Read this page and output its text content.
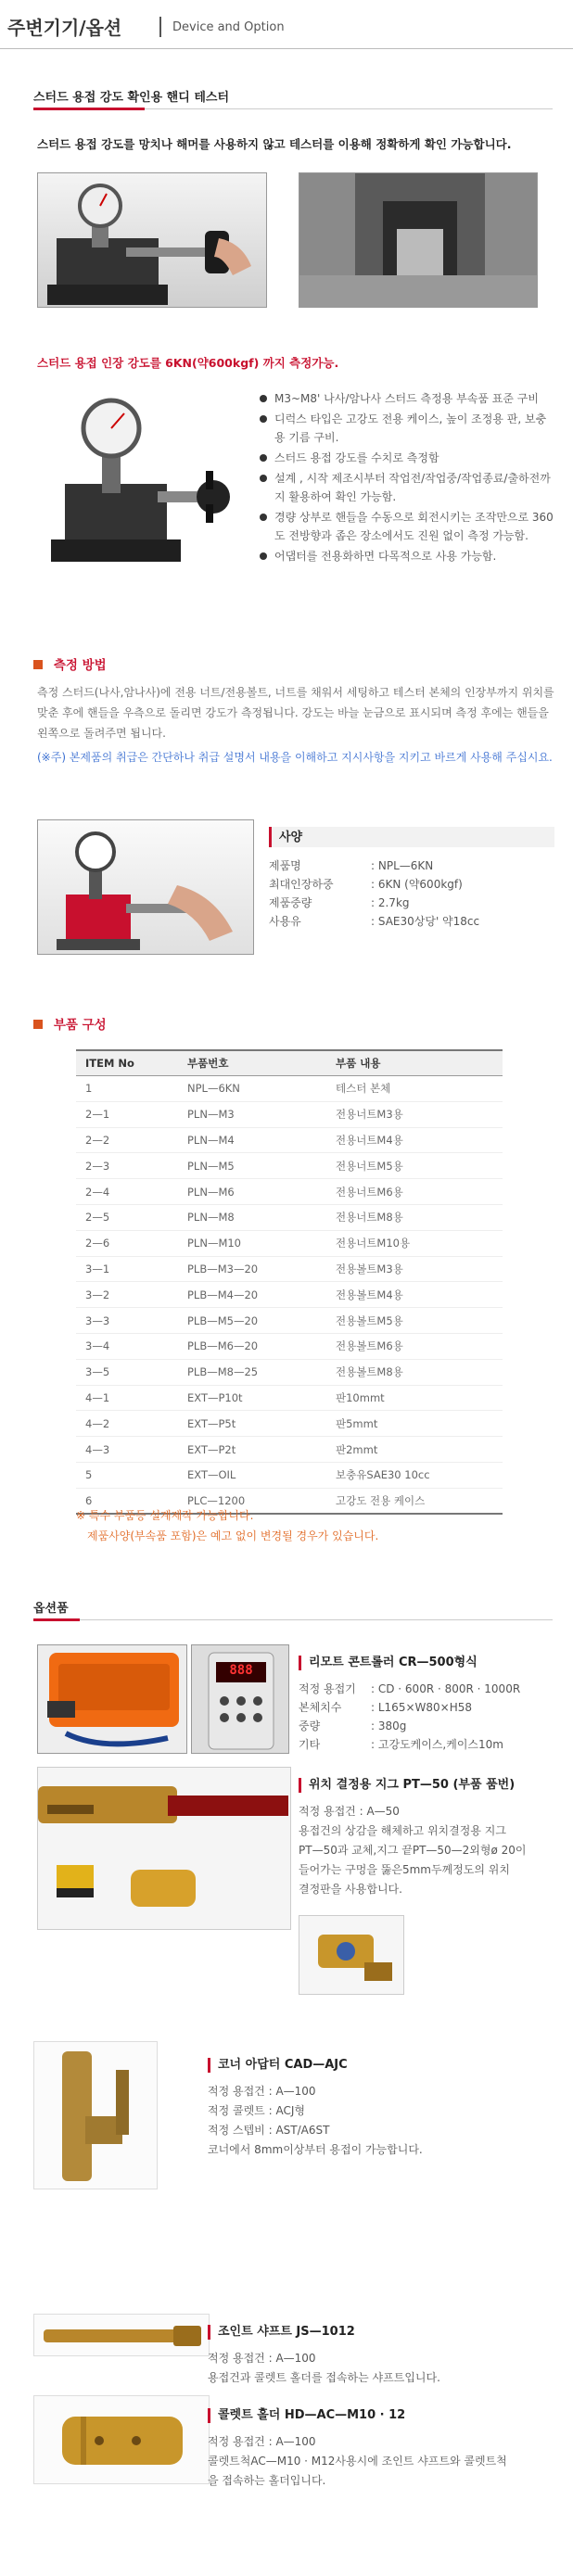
주변기기/옵션	Device and Option
스터드 용접 강도 확인용 핸디 테스터
스터드 용접 강도를 망치나 해머를 사용하지 않고 테스터를 이용해 정확하게 확인 가능합니다.
스터드 용접 인장 강도를 6KN(약600kgf) 까지 측정가능.
M3~M8' 나사/암나사 스터드 측정용 부속품 표준 구비
디럭스 타입은 고강도 전용 케이스, 높이 조정용 판, 보충용 기름 구비.
스터드 용접 강도를 수치로 측정함
설계 , 시작 제조시부터 작업전/작업중/작업종료/출하전까지 활용하여 확인 가능함.
경량 상부로 핸들을 수동으로 회전시키는 조작만으로 360도 전방향과 좁은 장소에서도 진원 없이 측정 가능함.
어댑터를 전용화하면 다목적으로 사용 가능함.
측정 방법
측정 스터드(나사,암나사)에 전용 너트/전용볼트, 너트를 채워서 세팅하고 테스터 본체의 인장부까지 위치를 맞춘 후에 핸들을 우측으로 돌리면 강도가 측정됩니다. 강도는 바늘 눈금으로 표시되며 측정 후에는 핸들을 왼쪽으로 돌려주면 됩니다.
(※주) 본제품의 취급은 간단하나 취급 설명서 내용을 이해하고 지시사항을 지키고 바르게 사용해 주십시요.
사양
제품명	: NPL—6KN
최대인장하중	: 6KN (약600kgf)
제품중량	: 2.7kg
사용유	: SAE30상당' 약18cc
부품 구성
ITEM No	부품번호	부품 내용
1	NPL—6KN	테스터 본체
2—1	PLN—M3	전용너트M3용
2—2	PLN—M4	전용너트M4용
2—3	PLN—M5	전용너트M5용
2—4	PLN—M6	전용너트M6용
2—5	PLN—M8	전용너트M8용
2—6	PLN—M10	전용너트M10용
3—1	PLB—M3—20	전용볼트M3용
3—2	PLB—M4—20	전용볼트M4용
3—3	PLB—M5—20	전용볼트M5용
3—4	PLB—M6—20	전용볼트M6용
3—5	PLB—M8—25	전용볼트M8용
4—1	EXT—P10t	판10mmt
4—2	EXT—P5t	판5mmt
4—3	EXT—P2t	판2mmt
5	EXT—OIL	보충유SAE30 10cc
6	PLC—1200	고강도 전용 케이스
※ 특수 부품등 설계제작 가능합니다.
제품사양(부속품 포함)은 예고 없이 변경될 경우가 있습니다.
옵션품
888
리모트 콘트롤러 CR—500형식
적정 용접기	: CD · 600R · 800R · 1000R
본체치수	: L165×W80×H58
중량	: 380g
기타	: 고강도케이스,케이스10m
위치 결정용 지그 PT—50 (부품 품번)
적정 용접건 : A—50
용접건의 상감을 해체하고 위치결정용 지그
PT—50과 교체,지그 끝PT—50—2외형ø 20이
들어가는 구멍을 뚫은5mm두께정도의 위치
결정판을 사용합니다.
코너 아답터 CAD—AJC
적정 용접건 : A—100
적정 콜렛트 : ACJ형
적정 스텝비 : AST/A6ST
코너에서 8mm이상부터 용접이 가능합니다.
조인트 샤프트 JS—1012
적정 용접건 : A—100
용접건과 콜렛트 홀더를 접속하는 샤프트입니다.
콜렛트 홀더 HD—AC—M10 · 12
적정 용접건 : A—100
콜렛트척AC—M10 · M12사용시에 조인트 샤프트와 콜렛트척
을 접속하는 홀더입니다.
